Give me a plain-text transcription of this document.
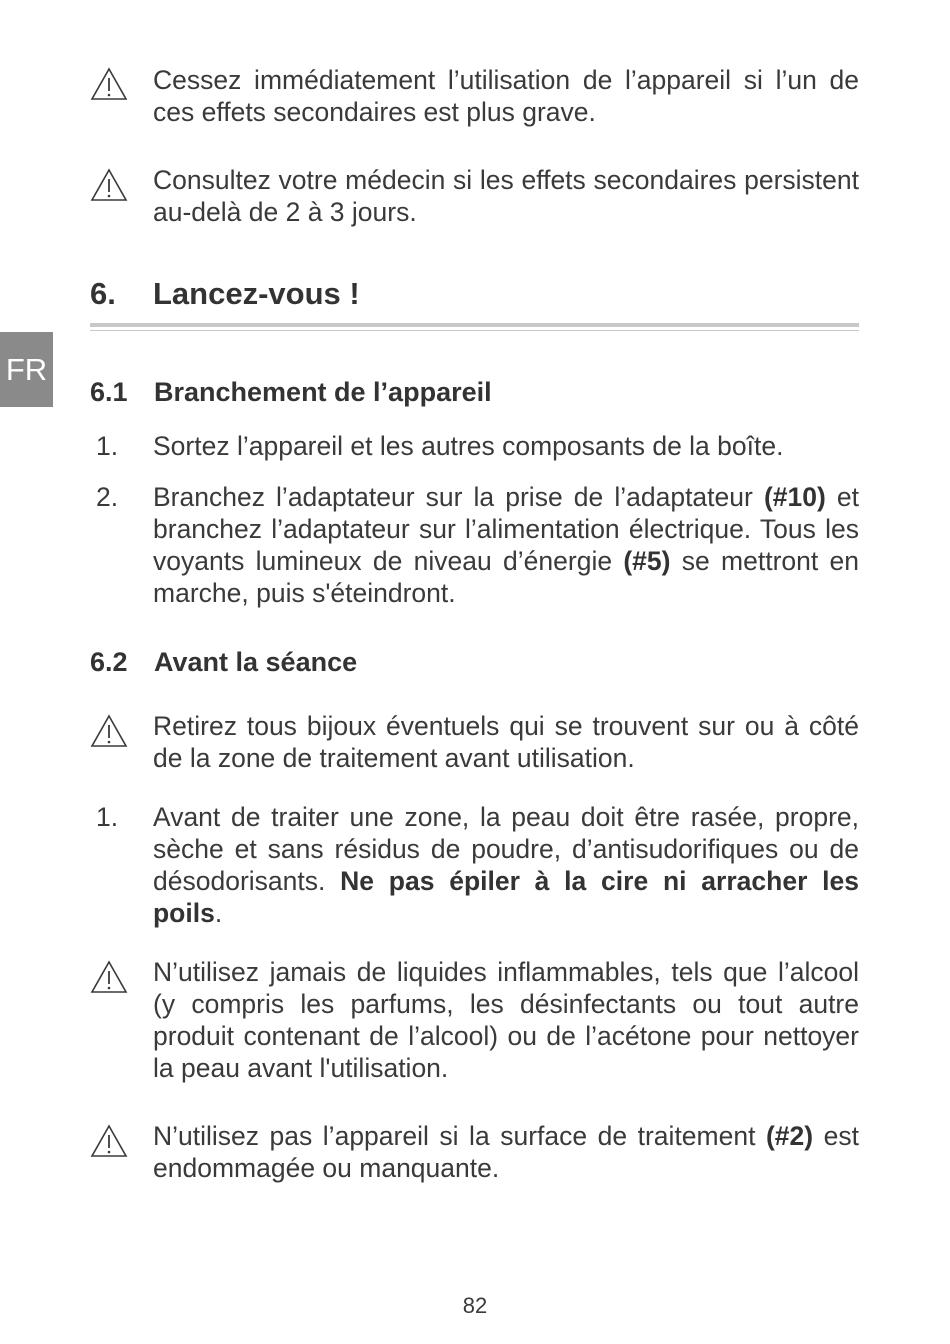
FR
Cessez immédiatement l’utilisation de l’appareil si l’un de ces effets secondaires est plus grave.
Consultez votre médecin si les effets secondaires persistent au-delà de 2 à 3 jours.
6. Lancez-vous !
6.1 Branchement de l’appareil
1. Sortez l’appareil et les autres composants de la boîte.
2. Branchez l’adaptateur sur la prise de l’adaptateur (#10) et branchez l’adaptateur sur l’alimentation électrique. Tous les voyants lumineux de niveau d’énergie (#5) se mettront en marche, puis s'éteindront.
6.2 Avant la séance
Retirez tous bijoux éventuels qui se trouvent sur ou à côté de la zone de traitement avant utilisation.
1. Avant de traiter une zone, la peau doit être rasée, propre, sèche et sans résidus de poudre, d’antisudorifiques ou de désodorisants. Ne pas épiler à la cire ni arracher les poils.
N’utilisez jamais de liquides inflammables, tels que l’alcool (y compris les parfums, les désinfectants ou tout autre produit contenant de l’alcool) ou de l’acétone pour nettoyer la peau avant l'utilisation.
N’utilisez pas l’appareil si la surface de traitement (#2) est endommagée ou manquante.
82
